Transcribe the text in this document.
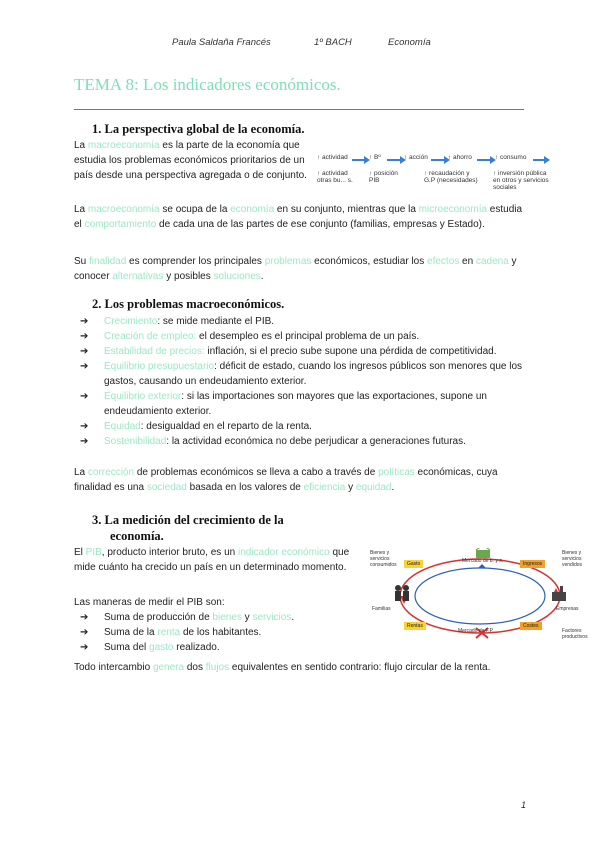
Paula Saldaña Francés	1º BACH	Economía
TEMA 8: Los indicadores económicos.
1. La perspectiva global de la economía.

La macroeconomía es la parte de la economía que estudia los problemas económicos prioritarios de un país desde una perspectiva agregada o de conjunto.

↑ actividad	↑ Bº	↑ acción	↑ ahorro	↑ consumo
↑ actividad otras bu... s.
↑ posición PIB
↑ recaudación y G.P (necesidades)
↑ inversión pública en otros y servicios sociales

La macroeconomía se ocupa de la economía en su conjunto, mientras que la microeconomía estudia el comportamiento de cada una de las partes de ese conjunto (familias, empresas y Estado).

Su finalidad es comprender los principales problemas económicos, estudiar los efectos en cadena y conocer alternativas y posibles soluciones.

2. Los problemas macroeconómicos.
➔ Crecimiento: se mide mediante el PIB.
➔ Creación de empleo: el desempleo es el principal problema de un país.
➔ Estabilidad de precios: inflación, si el precio sube supone una pérdida de competitividad.
➔ Equilibrio presupuestario: déficit de estado, cuando los ingresos públicos son menores que los gastos, causando un endeudamiento exterior.
➔ Equilibrio exterior: si las importaciones son mayores que las exportaciones, supone un endeudamiento exterior.
➔ Equidad: desigualdad en el reparto de la renta.
➔ Sostenibilidad: la actividad económica no debe perjudicar a generaciones futuras.

La corrección de problemas económicos se lleva a cabo a través de políticas económicas, cuya finalidad es una sociedad basada en los valores de eficiencia y equidad.

3. La medición del crecimiento de la
economía.

El PIB, producto interior bruto, es un indicador económico que mide cuánto ha crecido un país en un determinado momento.

Las maneras de medir el PIB son:

➔ Suma de producción de bienes y servicios.
➔ Suma de la renta de los habitantes.
➔ Suma del gasto realizado.

Todo intercambio genera dos flujos equivalentes en sentido contrario: flujo circular de la renta.

Mercado de b. y s.
Mercado de F.P.
Gasto	Ingresos
Rentas	Costes
Bienes y servicios consumidos
Bienes y servicios vendidos
Familias	Empresas
Factores productivos
1
